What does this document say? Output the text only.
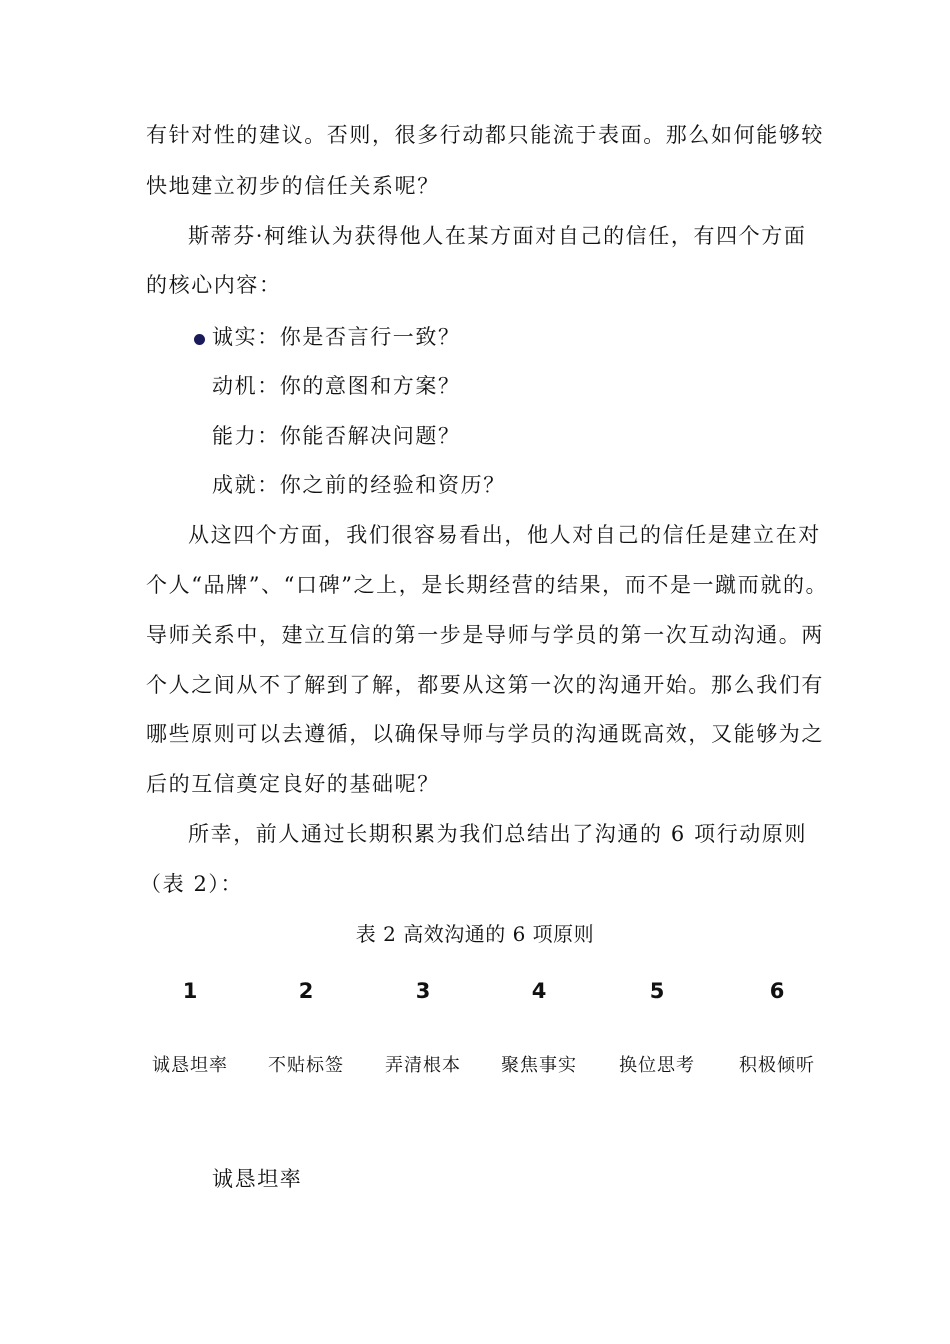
有针对性的建议。否则，很多行动都只能流于表面。那么如何能够较
快地建立初步的信任关系呢？
斯蒂芬·柯维认为获得他人在某方面对自己的信任，有四个方面
的核心内容：
诚实：你是否言行一致？
动机：你的意图和方案？
能力：你能否解决问题？
成就：你之前的经验和资历？
从这四个方面，我们很容易看出，他人对自己的信任是建立在对
个人“品牌”、“口碑”之上，是长期经营的结果，而不是一蹴而就的。
导师关系中，建立互信的第一步是导师与学员的第一次互动沟通。两
个人之间从不了解到了解，都要从这第一次的沟通开始。那么我们有
哪些原则可以去遵循，以确保导师与学员的沟通既高效，又能够为之
后的互信奠定良好的基础呢？
所幸，前人通过长期积累为我们总结出了沟通的 6 项行动原则
（表 2）：
表 2 高效沟通的 6 项原则
1	2	3	4	5	6
诚恳坦率	不贴标签	弄清根本	聚焦事实	换位思考	积极倾听
诚恳坦率
